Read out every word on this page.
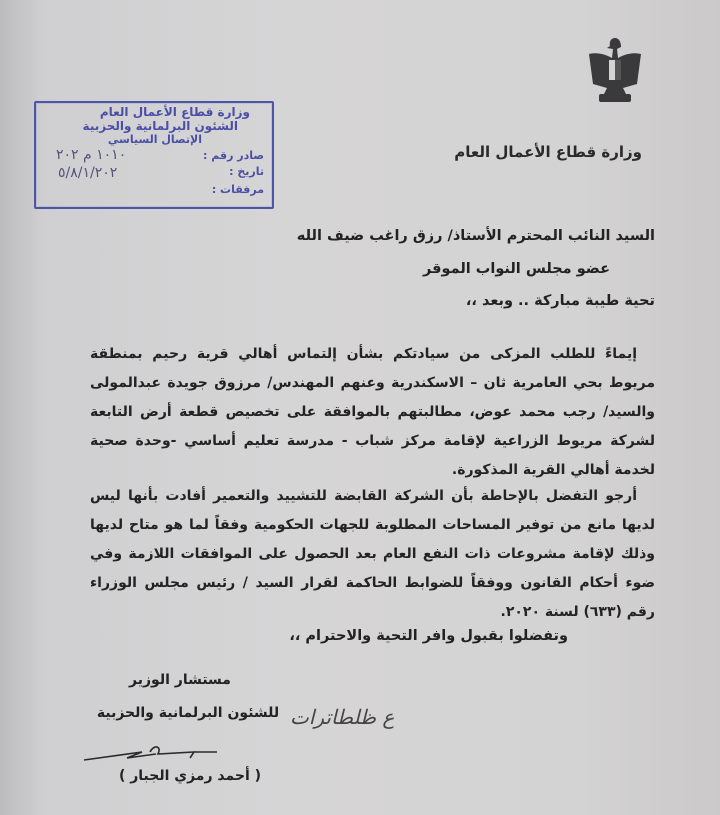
وزارة قطاع الأعمال العام
وزارة قطاع الأعمال العام
الشئون البرلمانية والحزبية
الإتصال السياسي
صادر رقم :
تاريخ :
مرفقات :
١٠١٠ م ٢٠٢
٥/٨/١/٢٠٢
السيد النائب المحترم الأستاذ/ رزق راغب ضيف الله
عضو مجلس النواب الموقر
تحية طيبة مباركة .. وبعد ،،
إيماءً للطلب المزكى من سيادتكم بشأن إلتماس أهالي قرية رحيم بمنطقة مريوط بحي العامرية ثان – الاسكندرية وعنهم المهندس/ مرزوق جويدة عبدالمولى والسيد/ رجب محمد عوض، مطالبتهم بالموافقة على تخصيص قطعة أرض التابعة لشركة مريوط الزراعية لإقامة مركز شباب - مدرسة تعليم أساسي -وحدة صحية لخدمة أهالي القرية المذكورة.
أرجو التفضل بالإحاطة بأن الشركة القابضة للتشييد والتعمير أفادت بأنها ليس لديها مانع من توفير المساحات المطلوبة للجهات الحكومية وفقاً لما هو متاح لديها وذلك لإقامة مشروعات ذات النفع العام بعد الحصول على الموافقات اللازمة وفي ضوء أحكام القانون ووفقاً للضوابط الحاكمة لقرار السيد / رئيس مجلس الوزراء رقم (٦٣٣) لسنة ٢٠٢٠.
وتفضلوا بقبول وافر التحية والاحترام ،،
مستشار الوزير
للشئون البرلمانية والحزبية ع ظلطاترات
( أحمد رمزي الجبار )
